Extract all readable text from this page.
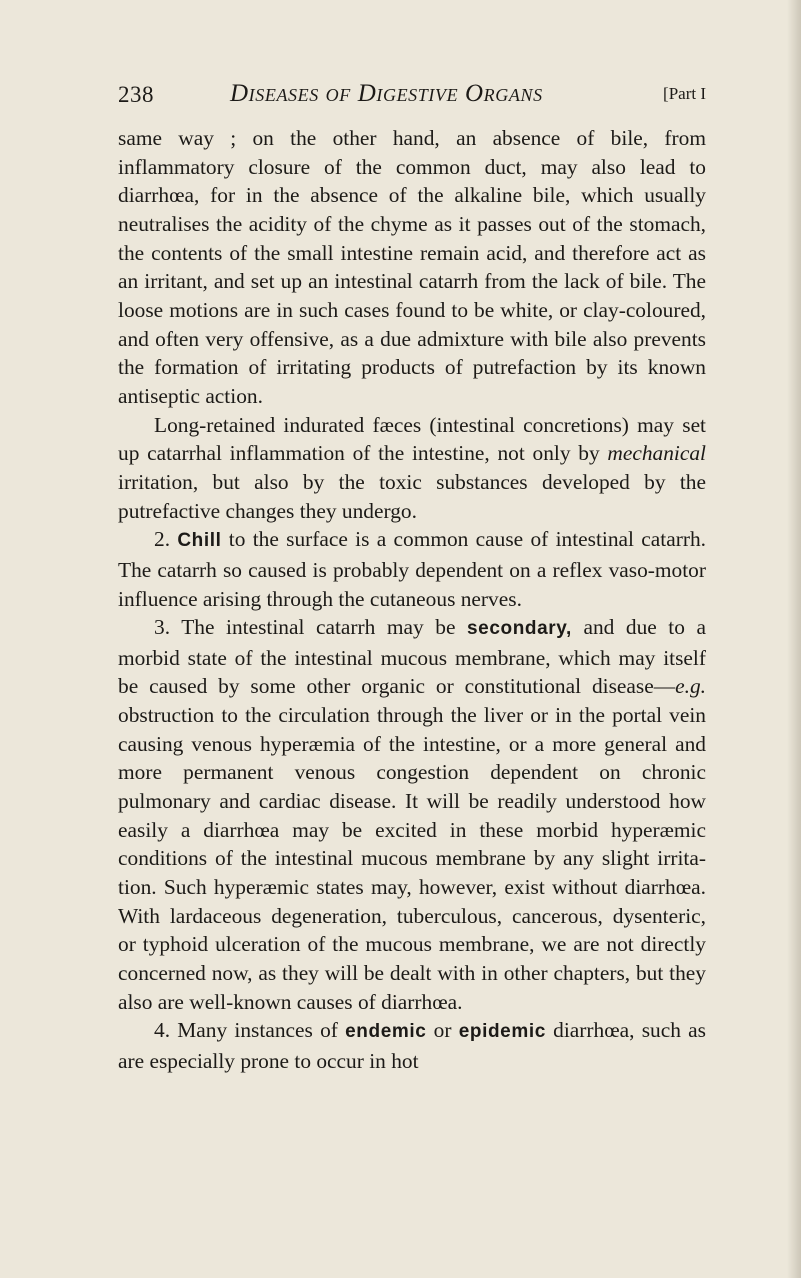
238	Diseases of Digestive Organs	[Part I

same way ; on the other hand, an absence of bile, from inflammatory closure of the common duct, may also lead to diarrhœa, for in the absence of the alkaline bile, which usually neutralises the acidity of the chyme as it passes out of the stomach, the contents of the small intestine remain acid, and therefore act as an irritant, and set up an intestinal catarrh from the lack of bile. The loose motions are in such cases found to be white, or clay-coloured, and often very offensive, as a due admixture with bile also prevents the formation of irritating products of putrefaction by its known antiseptic action.

Long-retained indurated fæces (intestinal concretions) may set up catarrhal inflammation of the intestine, not only by mechanical irritation, but also by the toxic substances developed by the putrefactive changes they undergo.

2. Chill to the surface is a common cause of intestinal catarrh. The catarrh so caused is probably dependent on a reflex vaso-motor influence arising through the cutaneous nerves.

3. The intestinal catarrh may be secondary, and due to a morbid state of the intestinal mucous membrane, which may itself be caused by some other organic or constitutional disease—e.g. obstruction to the circulation through the liver or in the portal vein causing venous hyperæmia of the intestine, or a more general and more permanent venous congestion dependent on chronic pulmonary and cardiac disease. It will be readily understood how easily a diarrhœa may be excited in these morbid hyperæmic conditions of the intestinal mucous membrane by any slight irritation. Such hyperæmic states may, however, exist without diarrhœa. With lardaceous degeneration, tuberculous, cancerous, dysenteric, or typhoid ulceration of the mucous membrane, we are not directly concerned now, as they will be dealt with in other chapters, but they also are well-known causes of diarrhœa.

4. Many instances of endemic or epidemic diarrhœa, such as are especially prone to occur in hot
